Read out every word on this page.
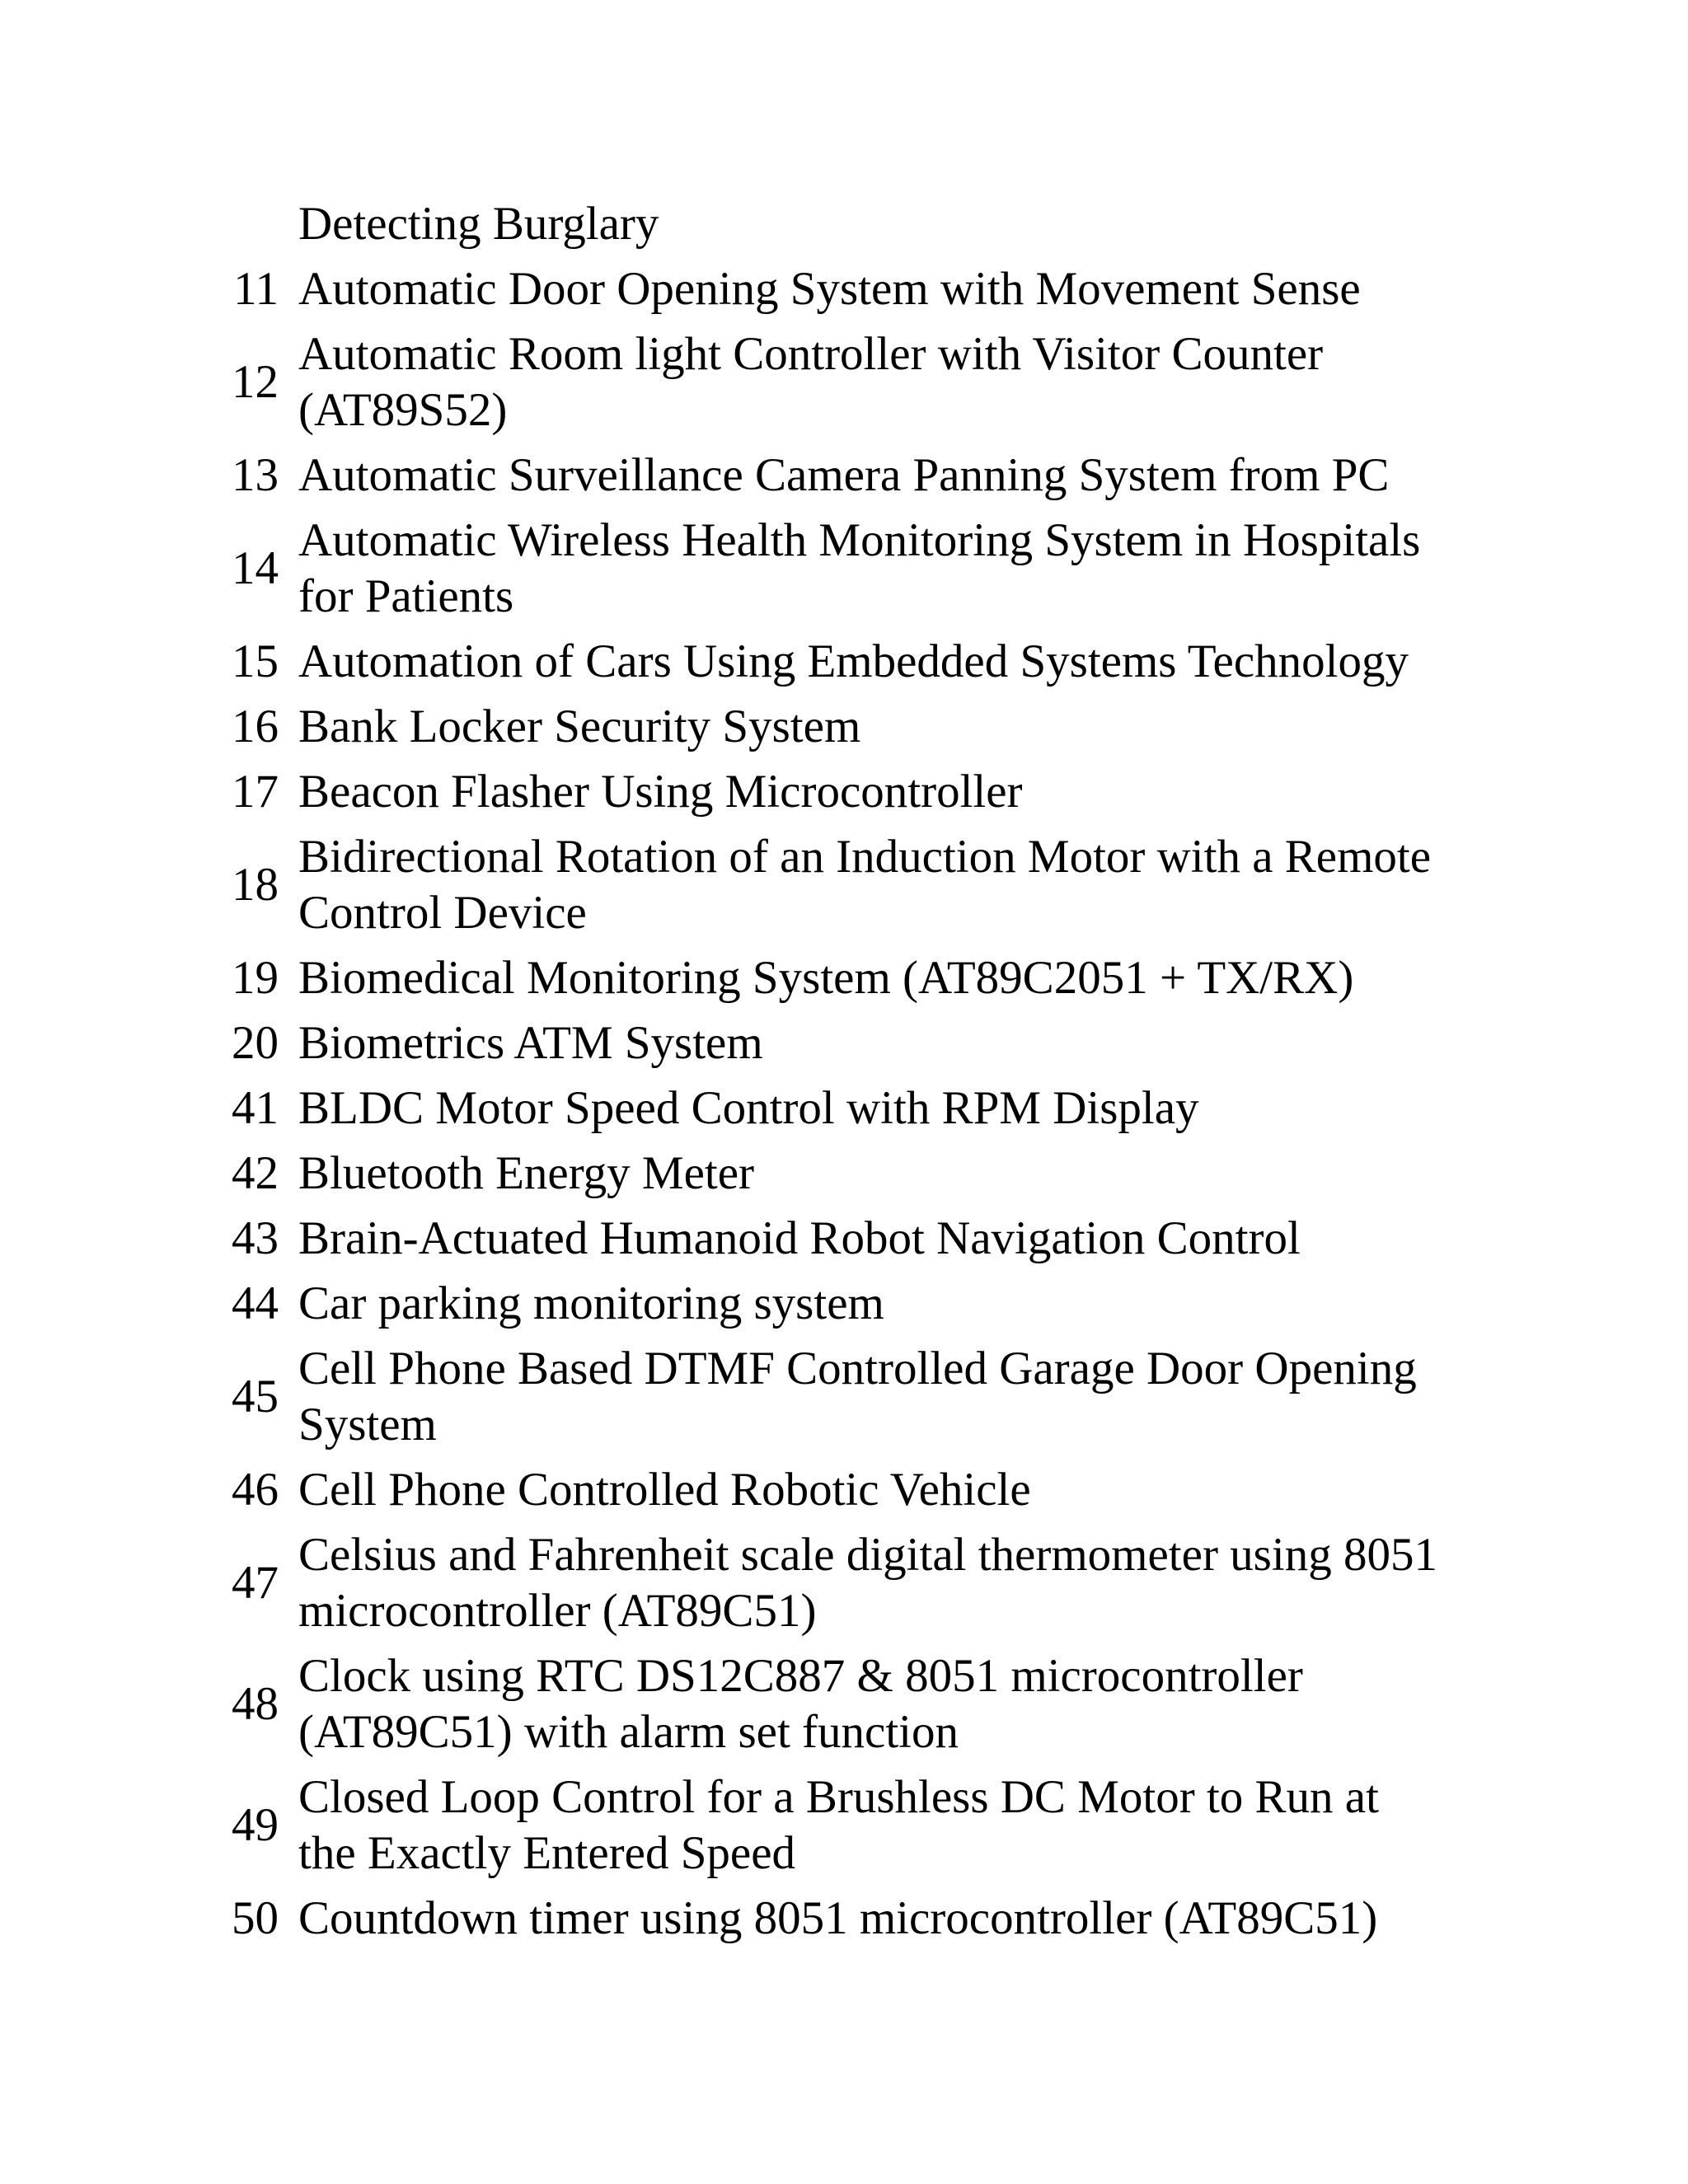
Detecting Burglary
11 Automatic Door Opening System with Movement Sense
12
Automatic Room light Controller with Visitor Counter
(AT89S52)
13 Automatic Surveillance Camera Panning System from PC
14
Automatic Wireless Health Monitoring System in Hospitals
for Patients
15 Automation of Cars Using Embedded Systems Technology
16 Bank Locker Security System
17 Beacon Flasher Using Microcontroller
18
Bidirectional Rotation of an Induction Motor with a Remote
Control Device
19 Biomedical Monitoring System (AT89C2051 + TX/RX)
20 Biometrics ATM System
41 BLDC Motor Speed Control with RPM Display
42 Bluetooth Energy Meter
43 Brain-Actuated Humanoid Robot Navigation Control
44 Car parking monitoring system
45
Cell Phone Based DTMF Controlled Garage Door Opening
System
46 Cell Phone Controlled Robotic Vehicle
47
Celsius and Fahrenheit scale digital thermometer using 8051
microcontroller (AT89C51)
48
Clock using RTC DS12C887 & 8051 microcontroller
(AT89C51) with alarm set function
49
Closed Loop Control for a Brushless DC Motor to Run at
the Exactly Entered Speed
50 Countdown timer using 8051 microcontroller (AT89C51)
